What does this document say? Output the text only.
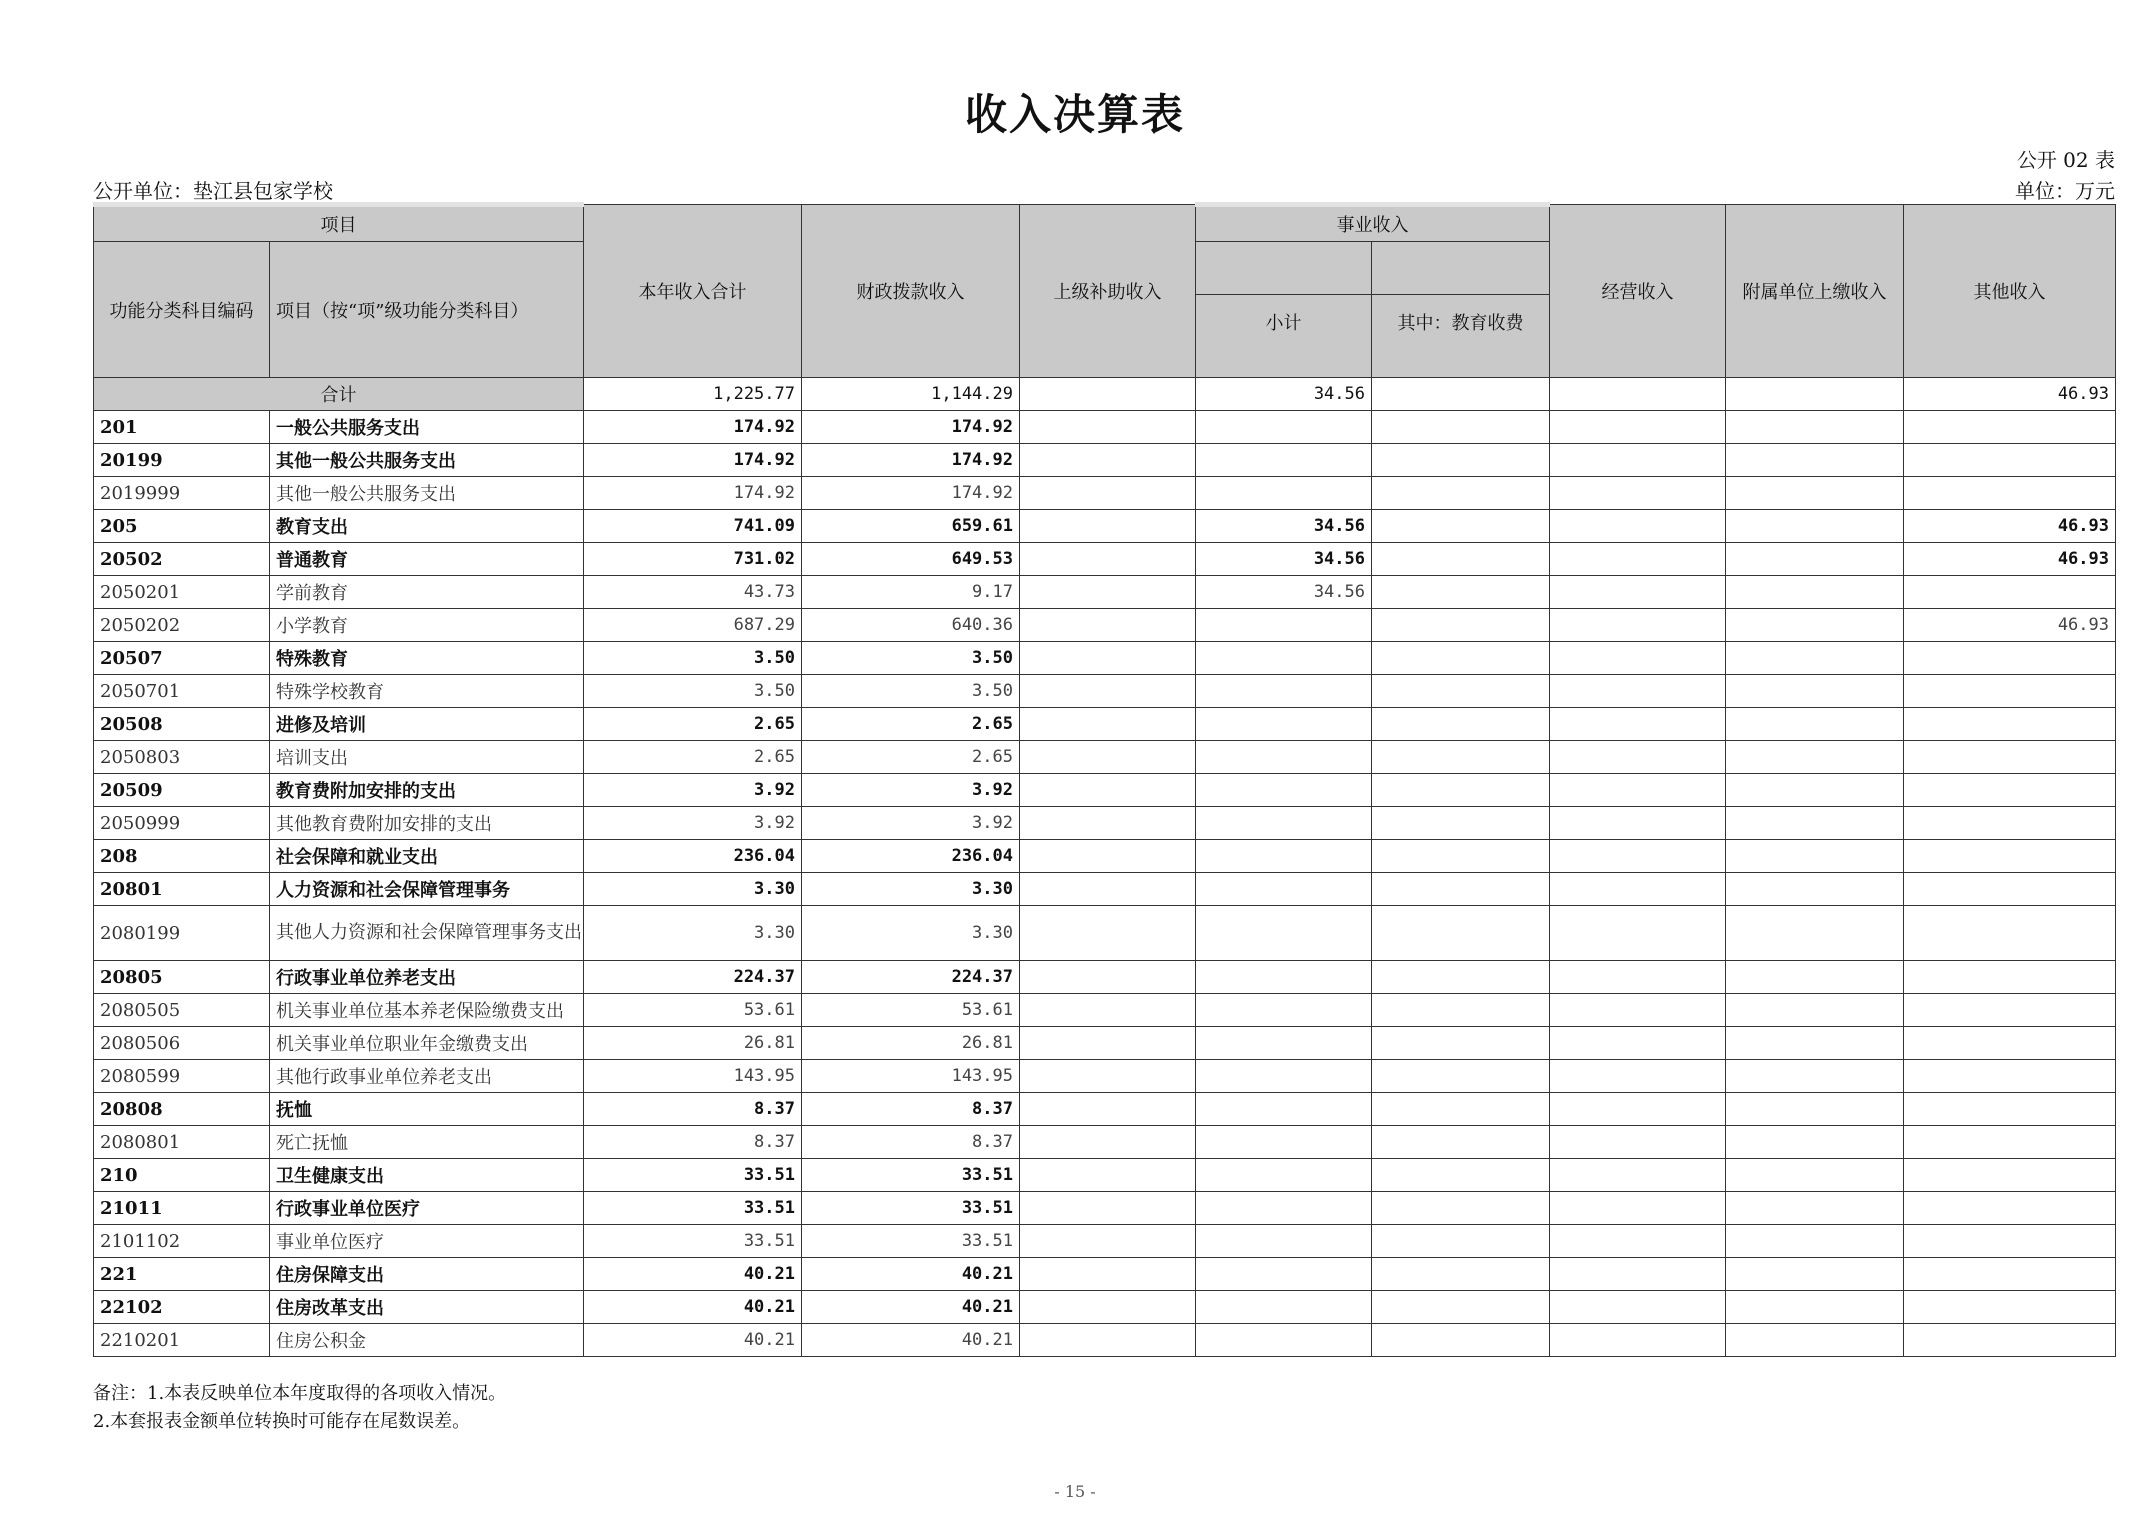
收入决算表
公开 02 表
公开单位：垫江县包家学校	单位：万元
项目		本年收入合计	财政拨款收入	上级补助收入	事业收入		经营收入	附属单位上缴收入	其他收入
功能分类科目编码	项目（按“项”级功能分类科目）								
					小计	其中：教育收费			
合计		1,225.77	1,144.29		34.56				46.93
201	一般公共服务支出	174.92	174.92						
20199	其他一般公共服务支出	174.92	174.92						
2019999	其他一般公共服务支出	174.92	174.92						
205	教育支出	741.09	659.61		34.56				46.93
20502	普通教育	731.02	649.53		34.56				46.93
2050201	学前教育	43.73	9.17		34.56				
2050202	小学教育	687.29	640.36						46.93
20507	特殊教育	3.50	3.50						
2050701	特殊学校教育	3.50	3.50						
20508	进修及培训	2.65	2.65						
2050803	培训支出	2.65	2.65						
20509	教育费附加安排的支出	3.92	3.92						
2050999	其他教育费附加安排的支出	3.92	3.92						
208	社会保障和就业支出	236.04	236.04						
20801	人力资源和社会保障管理事务	3.30	3.30						
2080199	其他人力资源和社会保障管理事务支出	3.30	3.30						
20805	行政事业单位养老支出	224.37	224.37						
2080505	机关事业单位基本养老保险缴费支出	53.61	53.61						
2080506	机关事业单位职业年金缴费支出	26.81	26.81						
2080599	其他行政事业单位养老支出	143.95	143.95						
20808	抚恤	8.37	8.37						
2080801	死亡抚恤	8.37	8.37						
210	卫生健康支出	33.51	33.51						
21011	行政事业单位医疗	33.51	33.51						
2101102	事业单位医疗	33.51	33.51						
221	住房保障支出	40.21	40.21						
22102	住房改革支出	40.21	40.21						
2210201	住房公积金	40.21	40.21						
备注：1.本表反映单位本年度取得的各项收入情况。
2.本套报表金额单位转换时可能存在尾数误差。
- 15 -
